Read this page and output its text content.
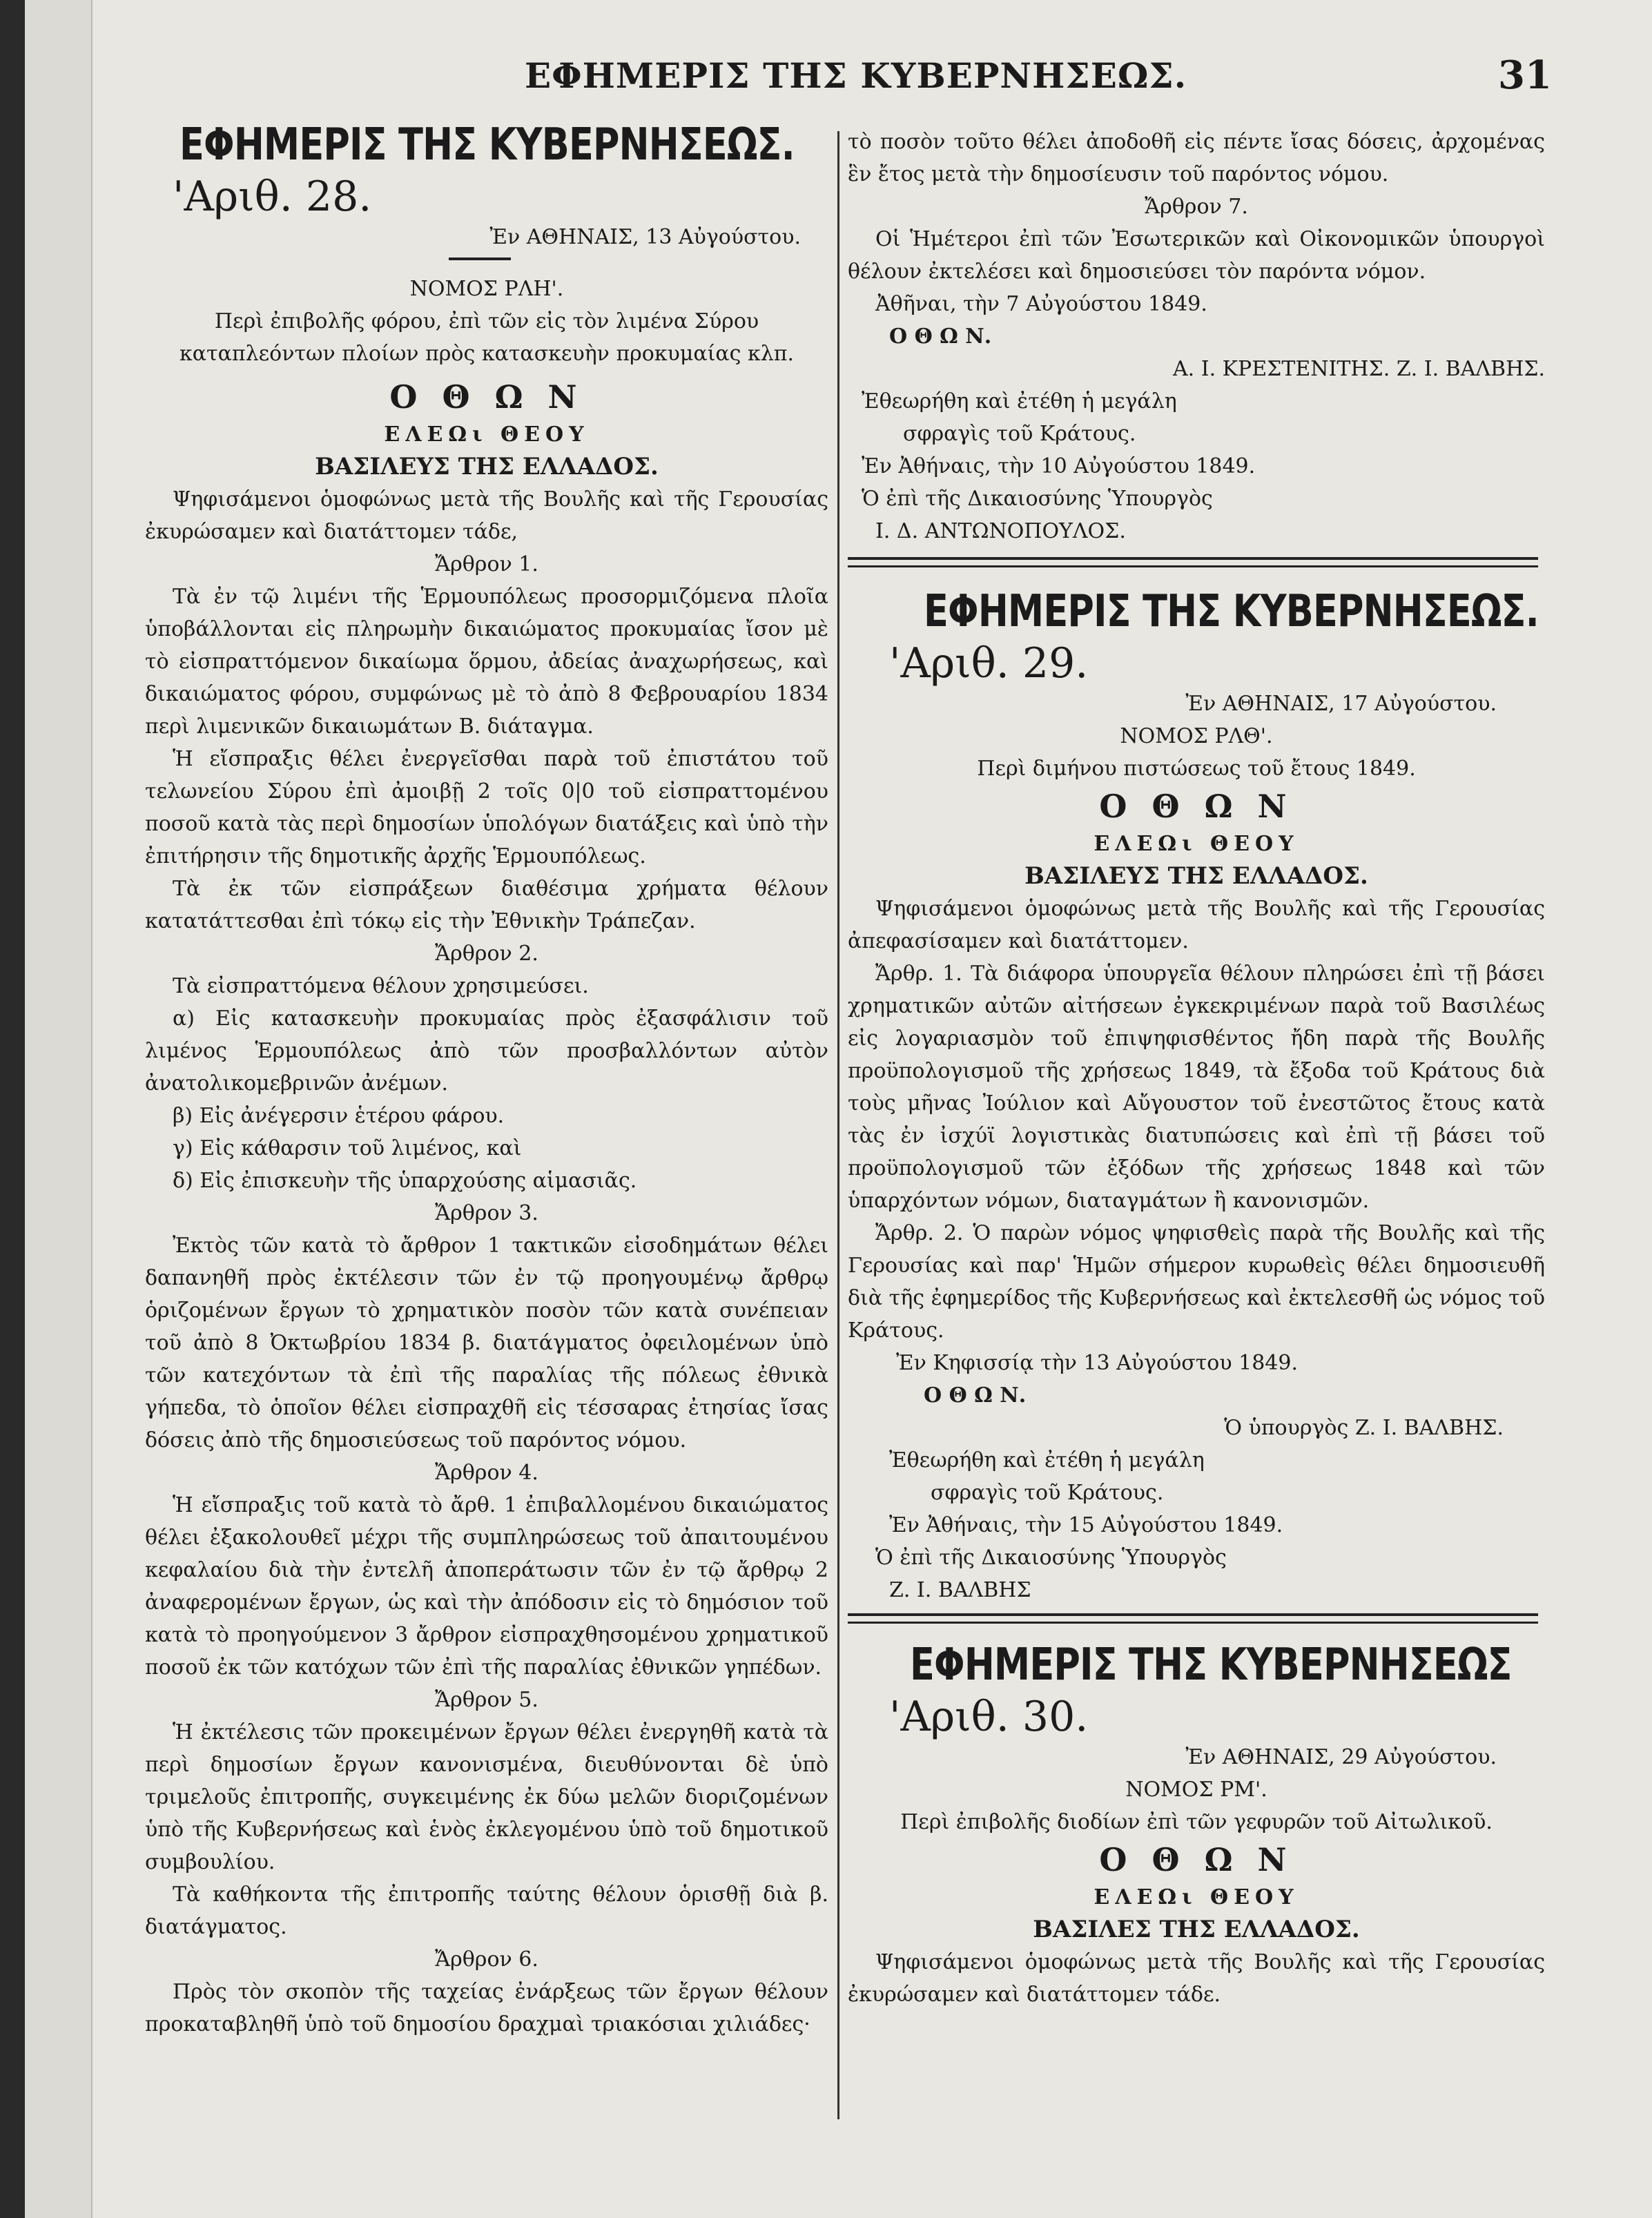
ΕΦΗΜΕΡΙΣ ΤΗΣ ΚΥΒΕΡΝΗΣΕΩΣ.	31
ΕΦΗΜΕΡΙΣ ΤΗΣ ΚΥΒΕΡΝΗΣΕΩΣ.
'Αριθ. 28.

Ἐν ΑΘΗΝΑΙΣ, 13 Αὐγούστου.

ΝΟΜΟΣ ΡΛΗ'.

Περὶ ἐπιβολῆς φόρου, ἐπὶ τῶν εἰς τὸν λιμένα Σύρου καταπλεόντων πλοίων πρὸς κατασκευὴν προκυμαίας κλπ.

Ο Θ Ω Ν

ΕΛΕΩι ΘΕΟΥ

ΒΑΣΙΛΕΥΣ ΤΗΣ ΕΛΛΑΔΟΣ.

Ψηφισάμενοι ὁμοφώνως μετὰ τῆς Βουλῆς καὶ τῆς Γερουσίας ἐκυρώσαμεν καὶ διατάττομεν τάδε,

Ἄρθρον 1.

Τὰ ἐν τῷ λιμένι τῆς Ἑρμουπόλεως προσορμιζόμενα πλοῖα ὑποβάλλονται εἰς πληρωμὴν δικαιώματος προκυμαίας ἴσον μὲ τὸ εἰσπραττόμενον δικαίωμα ὅρμου, ἀδείας ἀναχωρήσεως, καὶ δικαιώματος φόρου, συμφώνως μὲ τὸ ἀπὸ 8 Φεβρουαρίου 1834 περὶ λιμενικῶν δικαιωμάτων Β. διάταγμα.

Ἡ εἴσπραξις θέλει ἐνεργεῖσθαι παρὰ τοῦ ἐπιστάτου τοῦ τελωνείου Σύρου ἐπὶ ἀμοιβῇ 2 τοῖς 0|0 τοῦ εἰσπραττομένου ποσοῦ κατὰ τὰς περὶ δημοσίων ὑπολόγων διατάξεις καὶ ὑπὸ τὴν ἐπιτήρησιν τῆς δημοτικῆς ἀρχῆς Ἑρμουπόλεως.

Τὰ ἐκ τῶν εἰσπράξεων διαθέσιμα χρήματα θέλουν κατατάττεσθαι ἐπὶ τόκῳ εἰς τὴν Ἐθνικὴν Τράπεζαν.

Ἄρθρον 2.

Τὰ εἰσπραττόμενα θέλουν χρησιμεύσει.

α) Εἰς κατασκευὴν προκυμαίας πρὸς ἐξασφάλισιν τοῦ λιμένος Ἑρμουπόλεως ἀπὸ τῶν προσβαλλόντων αὐτὸν ἀνατολικομεβρινῶν ἀνέμων.

β) Εἰς ἀνέγερσιν ἑτέρου φάρου.

γ) Εἰς κάθαρσιν τοῦ λιμένος, καὶ

δ) Εἰς ἐπισκευὴν τῆς ὑπαρχούσης αἱμασιᾶς.

Ἄρθρον 3.

Ἐκτὸς τῶν κατὰ τὸ ἄρθρον 1 τακτικῶν εἰσοδημάτων θέλει δαπανηθῆ πρὸς ἐκτέλεσιν τῶν ἐν τῷ προηγουμένῳ ἄρθρῳ ὁριζομένων ἔργων τὸ χρηματικὸν ποσὸν τῶν κατὰ συνέπειαν τοῦ ἀπὸ 8 Ὀκτωβρίου 1834 β. διατάγματος ὀφειλομένων ὑπὸ τῶν κατεχόντων τὰ ἐπὶ τῆς παραλίας τῆς πόλεως ἐθνικὰ γήπεδα, τὸ ὁποῖον θέλει εἰσπραχθῆ εἰς τέσσαρας ἐτησίας ἴσας δόσεις ἀπὸ τῆς δημοσιεύσεως τοῦ παρόντος νόμου.

Ἄρθρον 4.

Ἡ εἴσπραξις τοῦ κατὰ τὸ ἄρθ. 1 ἐπιβαλλομένου δικαιώματος θέλει ἐξακολουθεῖ μέχρι τῆς συμπληρώσεως τοῦ ἀπαιτουμένου κεφαλαίου διὰ τὴν ἐντελῆ ἀποπεράτωσιν τῶν ἐν τῷ ἄρθρῳ 2 ἀναφερομένων ἔργων, ὡς καὶ τὴν ἀπόδοσιν εἰς τὸ δημόσιον τοῦ κατὰ τὸ προηγούμενον 3 ἄρθρον εἰσπραχθησομένου χρηματικοῦ ποσοῦ ἐκ τῶν κατόχων τῶν ἐπὶ τῆς παραλίας ἐθνικῶν γηπέδων.

Ἄρθρον 5.

Ἡ ἐκτέλεσις τῶν προκειμένων ἔργων θέλει ἐνεργηθῆ κατὰ τὰ περὶ δημοσίων ἔργων κανονισμένα, διευθύνονται δὲ ὑπὸ τριμελοῦς ἐπιτροπῆς, συγκειμένης ἐκ δύω μελῶν διοριζομένων ὑπὸ τῆς Κυβερνήσεως καὶ ἑνὸς ἐκλεγομένου ὑπὸ τοῦ δημοτικοῦ συμβουλίου.

Τὰ καθήκοντα τῆς ἐπιτροπῆς ταύτης θέλουν ὁρισθῇ διὰ β. διατάγματος.

Ἄρθρον 6.

Πρὸς τὸν σκοπὸν τῆς ταχείας ἐνάρξεως τῶν ἔργων θέλουν προκαταβληθῆ ὑπὸ τοῦ δημοσίου δραχμαὶ τριακόσιαι χιλιάδες·

τὸ ποσὸν τοῦτο θέλει ἀποδοθῆ εἰς πέντε ἴσας δόσεις, ἀρχομένας ἓν ἔτος μετὰ τὴν δημοσίευσιν τοῦ παρόντος νόμου.

Ἄρθρον 7.

Οἱ Ἡμέτεροι ἐπὶ τῶν Ἐσωτερικῶν καὶ Οἰκονομικῶν ὑπουργοὶ θέλουν ἐκτελέσει καὶ δημοσιεύσει τὸν παρόντα νόμον.

Ἀθῆναι, τὴν 7 Αὐγούστου 1849.

Ο Θ Ω Ν.

Α. Ι. ΚΡΕΣΤΕΝΙΤΗΣ. Ζ. Ι. ΒΑΛΒΗΣ.

Ἐθεωρήθη καὶ ἐτέθη ἡ μεγάλη

σφραγὶς τοῦ Κράτους.

Ἐν Ἀθήναις, τὴν 10 Αὐγούστου 1849.

Ὁ ἐπὶ τῆς Δικαιοσύνης Ὑπουργὸς

Ι. Δ. ΑΝΤΩΝΟΠΟΥΛΟΣ.

ΕΦΗΜΕΡΙΣ ΤΗΣ ΚΥΒΕΡΝΗΣΕΩΣ.
'Αριθ. 29.

Ἐν ΑΘΗΝΑΙΣ, 17 Αὐγούστου.

ΝΟΜΟΣ ΡΛΘ'.

Περὶ διμήνου πιστώσεως τοῦ ἔτους 1849.

Ο Θ Ω Ν

ΕΛΕΩι ΘΕΟΥ

ΒΑΣΙΛΕΥΣ ΤΗΣ ΕΛΛΑΔΟΣ.

Ψηφισάμενοι ὁμοφώνως μετὰ τῆς Βουλῆς καὶ τῆς Γερουσίας ἀπεφασίσαμεν καὶ διατάττομεν.

Ἄρθρ. 1. Τὰ διάφορα ὑπουργεῖα θέλουν πληρώσει ἐπὶ τῇ βάσει χρηματικῶν αὐτῶν αἰτήσεων ἐγκεκριμένων παρὰ τοῦ Βασιλέως εἰς λογαριασμὸν τοῦ ἐπιψηφισθέντος ἤδη παρὰ τῆς Βουλῆς προϋπολογισμοῦ τῆς χρήσεως 1849, τὰ ἔξοδα τοῦ Κράτους διὰ τοὺς μῆνας Ἰούλιον καὶ Αὔγουστον τοῦ ἐνεστῶτος ἔτους κατὰ τὰς ἐν ἰσχύϊ λογιστικὰς διατυπώσεις καὶ ἐπὶ τῇ βάσει τοῦ προϋπολογισμοῦ τῶν ἐξόδων τῆς χρήσεως 1848 καὶ τῶν ὑπαρχόντων νόμων, διαταγμάτων ἢ κανονισμῶν.

Ἄρθρ. 2. Ὁ παρὼν νόμος ψηφισθεὶς παρὰ τῆς Βουλῆς καὶ τῆς Γερουσίας καὶ παρ' Ἡμῶν σήμερον κυρωθεὶς θέλει δημοσιευθῆ διὰ τῆς ἐφημερίδος τῆς Κυβερνήσεως καὶ ἐκτελεσθῆ ὡς νόμος τοῦ Κράτους.

Ἐν Κηφισσίᾳ τὴν 13 Αὐγούστου 1849.

Ο Θ Ω Ν.

Ὁ ὑπουργὸς Ζ. Ι. ΒΑΛΒΗΣ.

Ἐθεωρήθη καὶ ἐτέθη ἡ μεγάλη

σφραγὶς τοῦ Κράτους.

Ἐν Ἀθήναις, τὴν 15 Αὐγούστου 1849.

Ὁ ἐπὶ τῆς Δικαιοσύνης Ὑπουργὸς

Ζ. Ι. ΒΑΛΒΗΣ

ΕΦΗΜΕΡΙΣ ΤΗΣ ΚΥΒΕΡΝΗΣΕΩΣ
'Αριθ. 30.

Ἐν ΑΘΗΝΑΙΣ, 29 Αὐγούστου.

ΝΟΜΟΣ ΡΜ'.

Περὶ ἐπιβολῆς διοδίων ἐπὶ τῶν γεφυρῶν τοῦ Αἰτωλικοῦ.

Ο Θ Ω Ν

ΕΛΕΩι ΘΕΟΥ

ΒΑΣΙΛΕΣ ΤΗΣ ΕΛΛΑΔΟΣ.

Ψηφισάμενοι ὁμοφώνως μετὰ τῆς Βουλῆς καὶ τῆς Γερουσίας ἐκυρώσαμεν καὶ διατάττομεν τάδε.
